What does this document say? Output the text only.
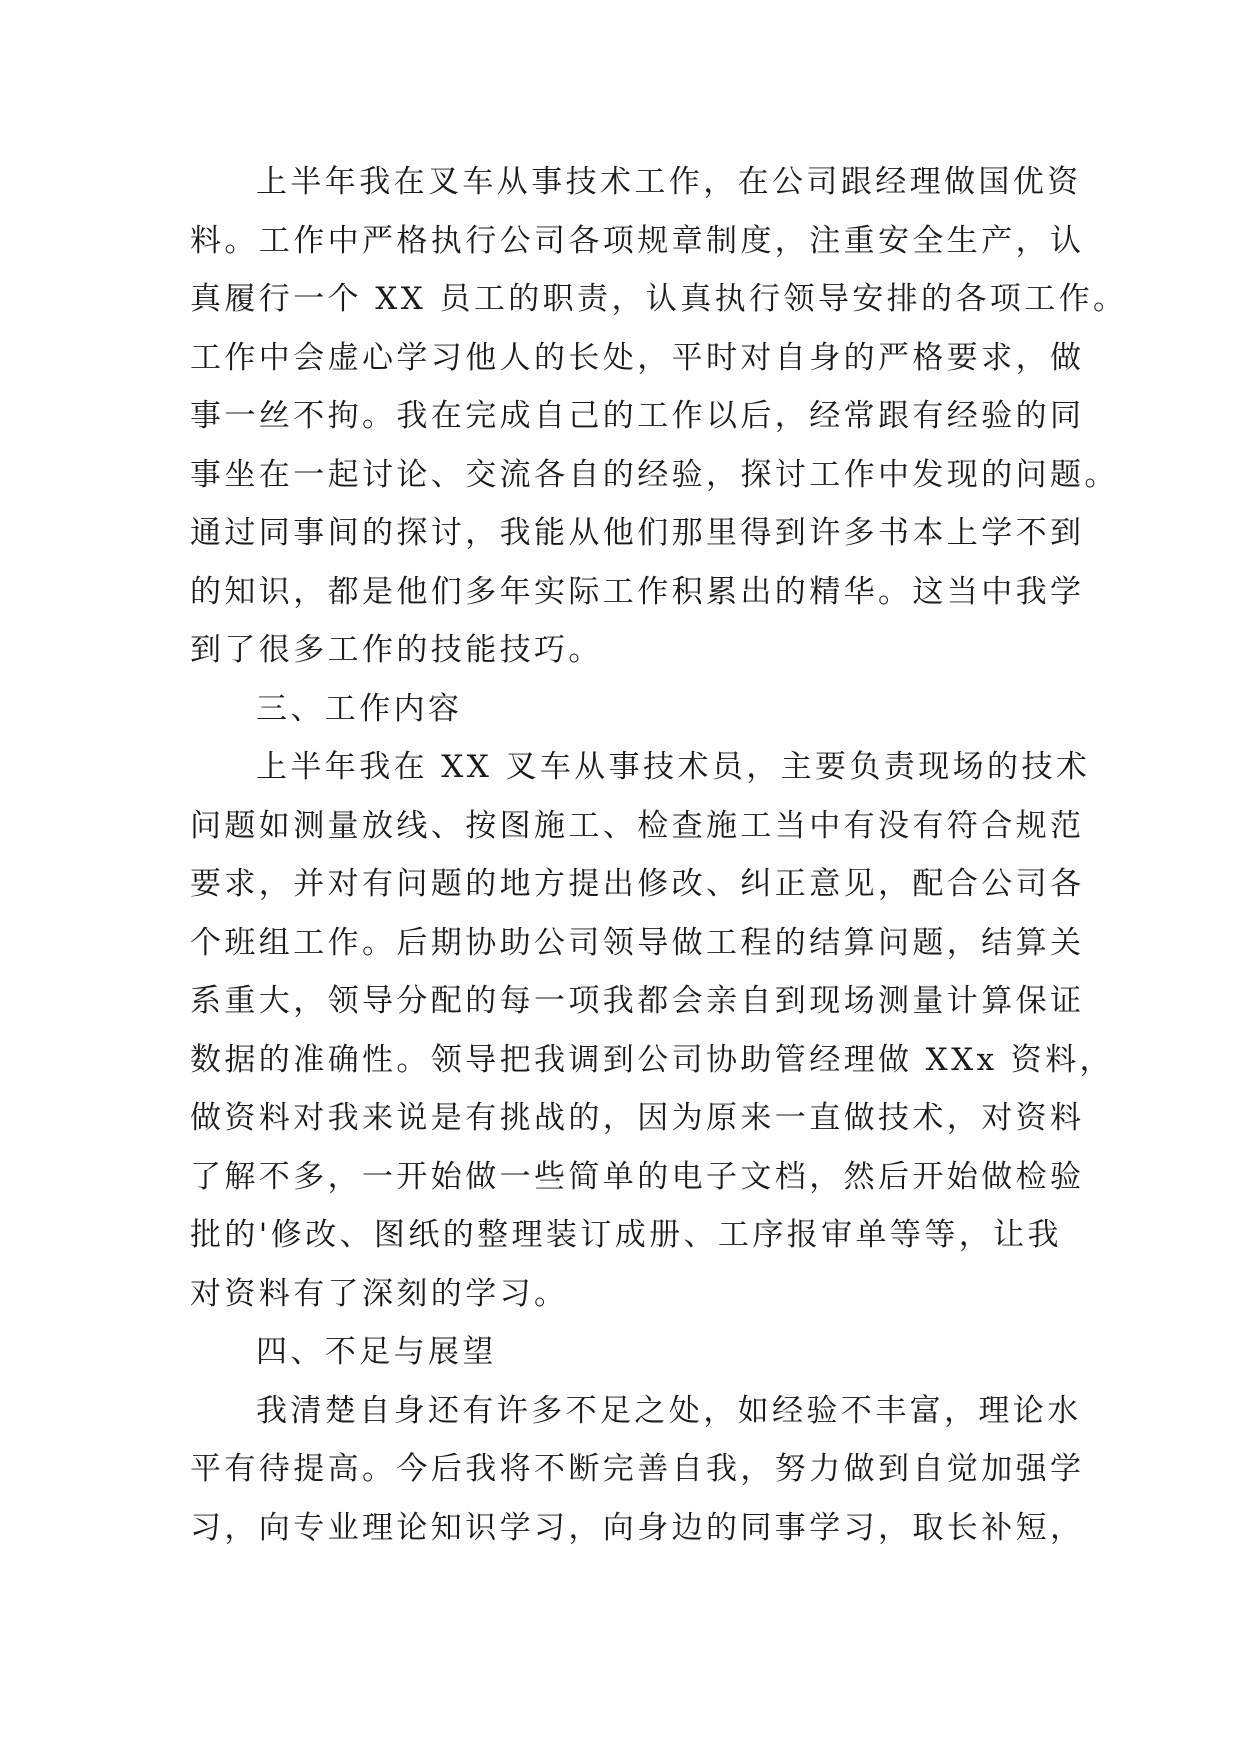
上半年我在叉车从事技术工作，在公司跟经理做国优资
料。工作中严格执行公司各项规章制度，注重安全生产，认
真履行一个 XX 员工的职责，认真执行领导安排的各项工作。
工作中会虚心学习他人的长处，平时对自身的严格要求，做
事一丝不拘。我在完成自己的工作以后，经常跟有经验的同
事坐在一起讨论、交流各自的经验，探讨工作中发现的问题。
通过同事间的探讨，我能从他们那里得到许多书本上学不到
的知识，都是他们多年实际工作积累出的精华。这当中我学
到了很多工作的技能技巧。
三、工作内容
上半年我在 XX 叉车从事技术员，主要负责现场的技术
问题如测量放线、按图施工、检查施工当中有没有符合规范
要求，并对有问题的地方提出修改、纠正意见，配合公司各
个班组工作。后期协助公司领导做工程的结算问题，结算关
系重大，领导分配的每一项我都会亲自到现场测量计算保证
数据的准确性。领导把我调到公司协助管经理做 XXx 资料，
做资料对我来说是有挑战的，因为原来一直做技术，对资料
了解不多，一开始做一些简单的电子文档，然后开始做检验
批的'修改、图纸的整理装订成册、工序报审单等等，让我
对资料有了深刻的学习。
四、不足与展望
我清楚自身还有许多不足之处，如经验不丰富，理论水
平有待提高。今后我将不断完善自我，努力做到自觉加强学
习，向专业理论知识学习，向身边的同事学习，取长补短，
